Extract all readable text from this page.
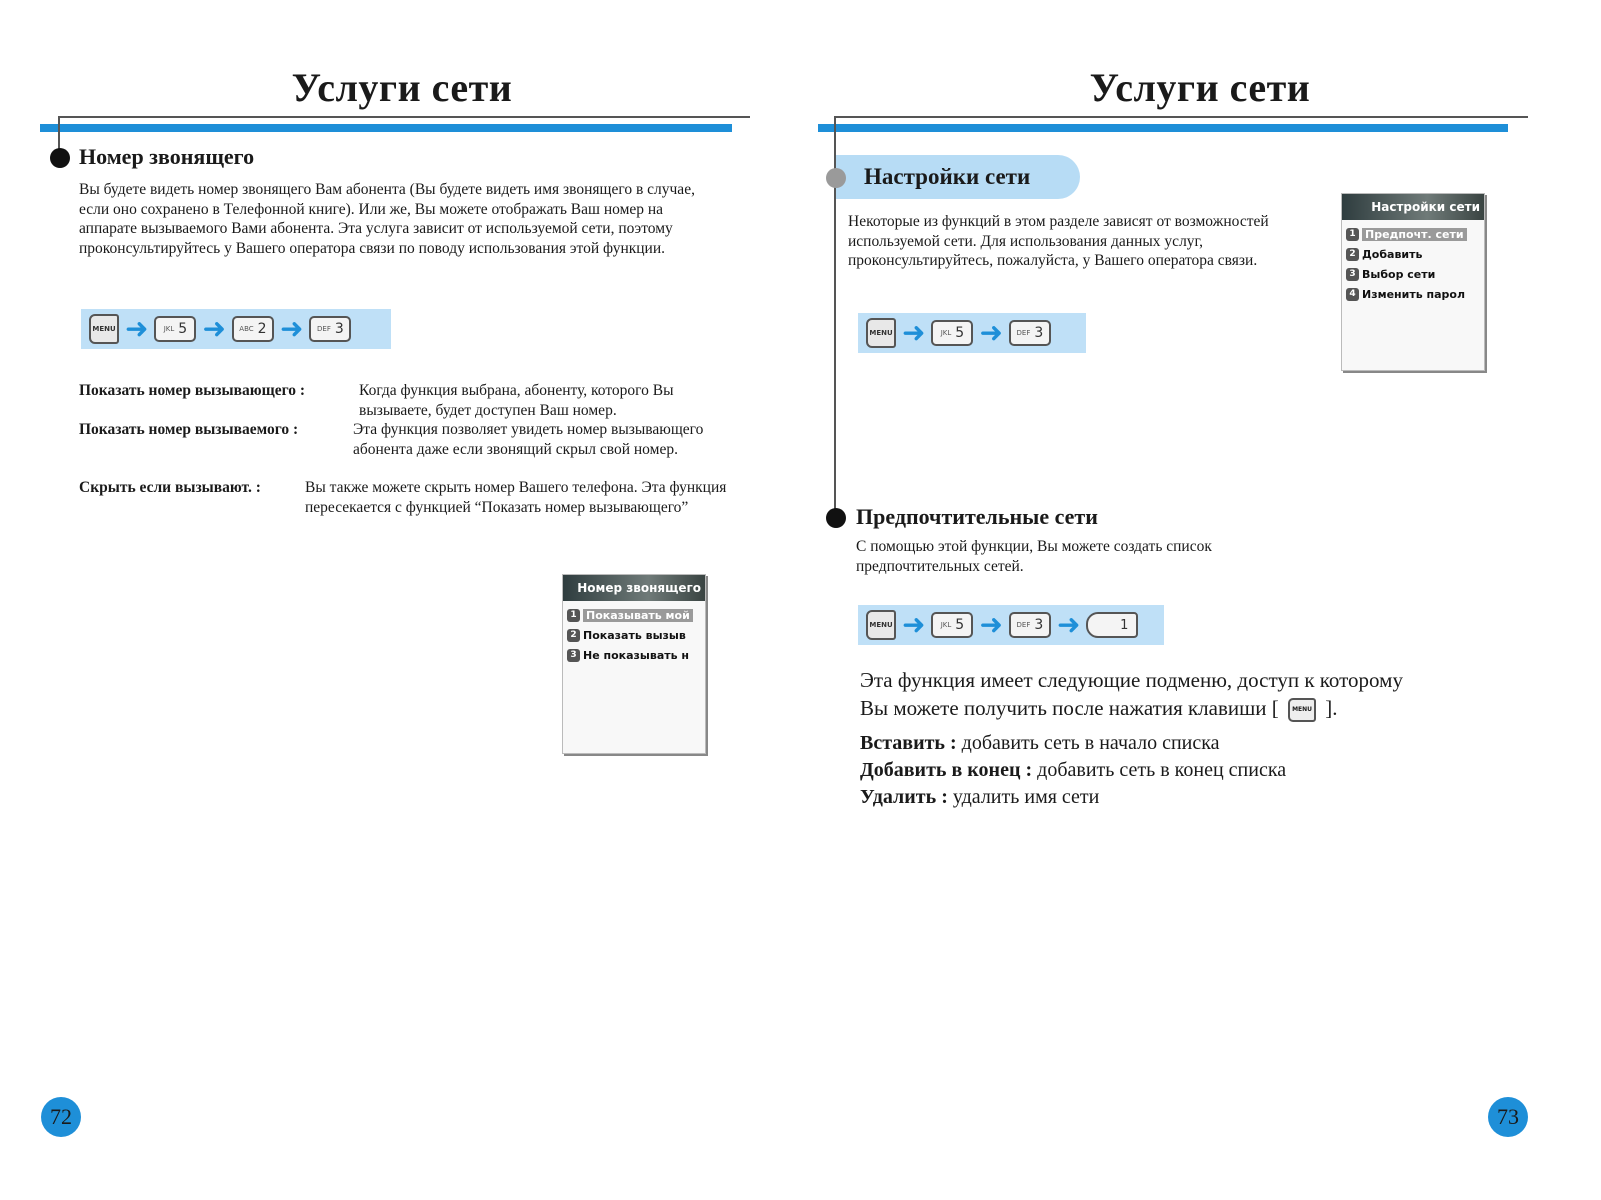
Услуги сети
Номер звонящего
Вы будете видеть номер звонящего Вам абонента (Вы будете видеть имя звонящего в случае, если оно сохранено в Телефонной книге). Или же, Вы можете отображать Ваш номер на аппарате вызываемого Вами абонента. Эта услуга зависит от используемой сети, поэтому проконсультируйтесь у Вашего оператора связи по поводу использования этой функции.
MENU ➜ JKL 5 ➜ ABC 2 ➜ DEF 3
Показать номер вызывающего :	Когда функция выбрана, абоненту, которого Вы вызываете, будет доступен Ваш номер.
Показать номер вызываемого :	Эта функция позволяет увидеть номер вызывающего абонента даже если звонящий скрыл свой номер.
Скрыть если вызывают. :	Вы также можете скрыть номер Вашего телефона. Эта функция пересекается с функцией “Показать номер вызывающего”
Номер звонящего
1 Показывать мой
2 Показать вызыв
3 Не показывать н
72
Услуги сети
Настройки сети
Некоторые из функций в этом разделе зависят от возможностей используемой сети. Для использования данных услуг, проконсультируйтесь, пожалуйста, у Вашего оператора связи.
MENU ➜ JKL 5 ➜ DEF 3
Настройки сети
1 Предпочт. сети
2 Добавить
3 Выбор сети
4 Изменить парол
Предпочтительные сети
С помощью этой функции, Вы можете создать список предпочтительных сетей.
MENU ➜ JKL 5 ➜ DEF 3 ➜	1
Эта функция имеет следующие подменю, доступ к которому
Вы можете получить после нажатия клавиши [ MENU ].
Вставить : добавить сеть в начало списка
Добавить в конец : добавить сеть в конец списка
Удалить : удалить имя сети
73
